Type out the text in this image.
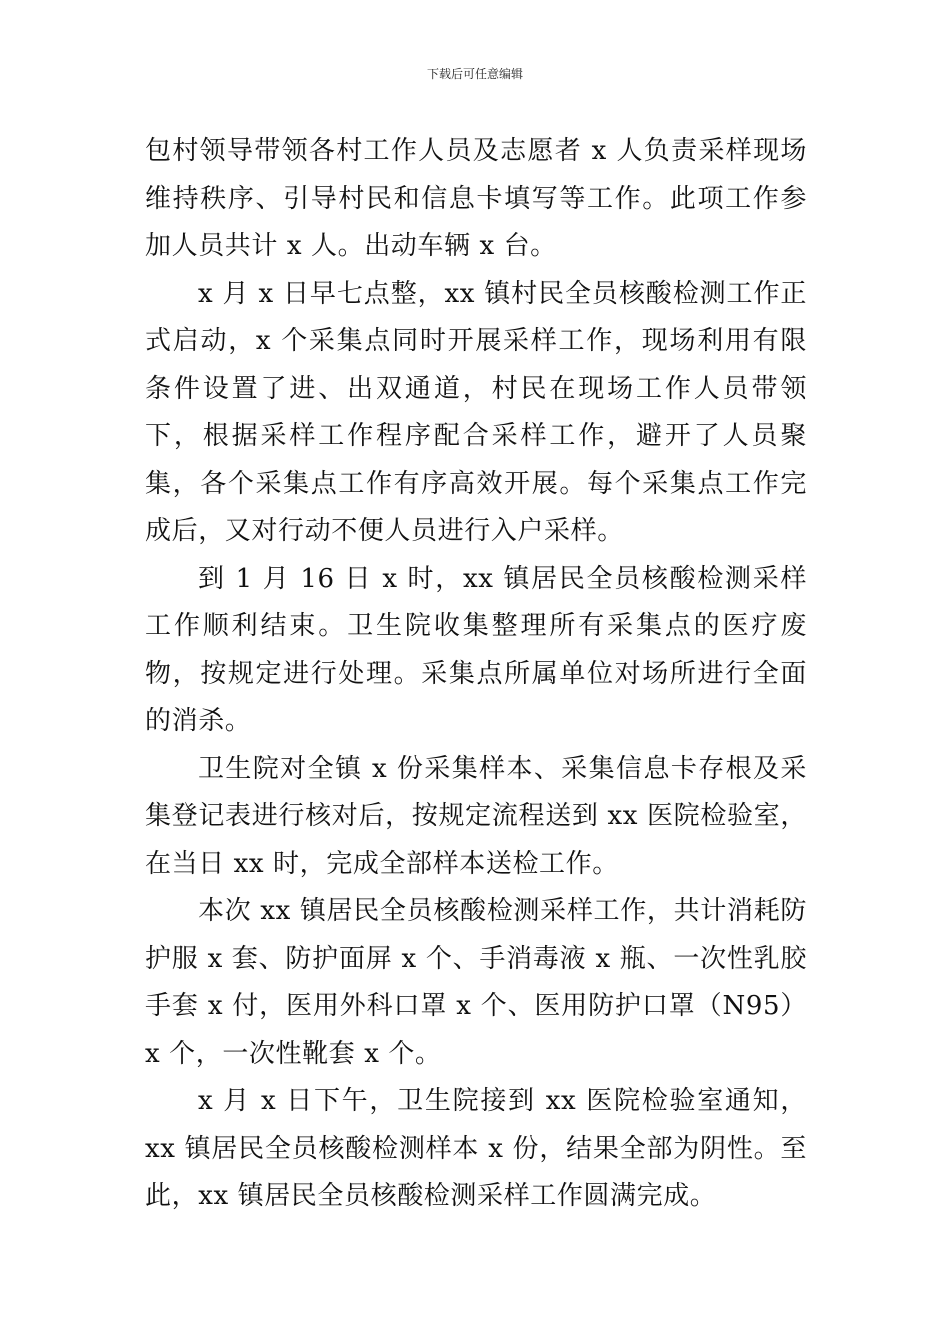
下载后可任意编辑

包村领导带领各村工作人员及志愿者 x 人负责采样现场维持秩序、引导村民和信息卡填写等工作。此项工作参加人员共计 x 人。出动车辆 x 台。

x 月 x 日早七点整，xx 镇村民全员核酸检测工作正式启动，x 个采集点同时开展采样工作，现场利用有限条件设置了进、出双通道，村民在现场工作人员带领下，根据采样工作程序配合采样工作，避开了人员聚集，各个采集点工作有序高效开展。每个采集点工作完成后，又对行动不便人员进行入户采样。

到 1 月 16 日 x 时，xx 镇居民全员核酸检测采样工作顺利结束。卫生院收集整理所有采集点的医疗废物，按规定进行处理。采集点所属单位对场所进行全面的消杀。

卫生院对全镇 x 份采集样本、采集信息卡存根及采集登记表进行核对后，按规定流程送到 xx 医院检验室，在当日 xx 时，完成全部样本送检工作。

本次 xx 镇居民全员核酸检测采样工作，共计消耗防护服 x 套、防护面屏 x 个、手消毒液 x 瓶、一次性乳胶手套 x 付，医用外科口罩 x 个、医用防护口罩（N95）x 个，一次性靴套 x 个。

x 月 x 日下午，卫生院接到 xx 医院检验室通知，xx 镇居民全员核酸检测样本 x 份，结果全部为阴性。至此，xx 镇居民全员核酸检测采样工作圆满完成。
